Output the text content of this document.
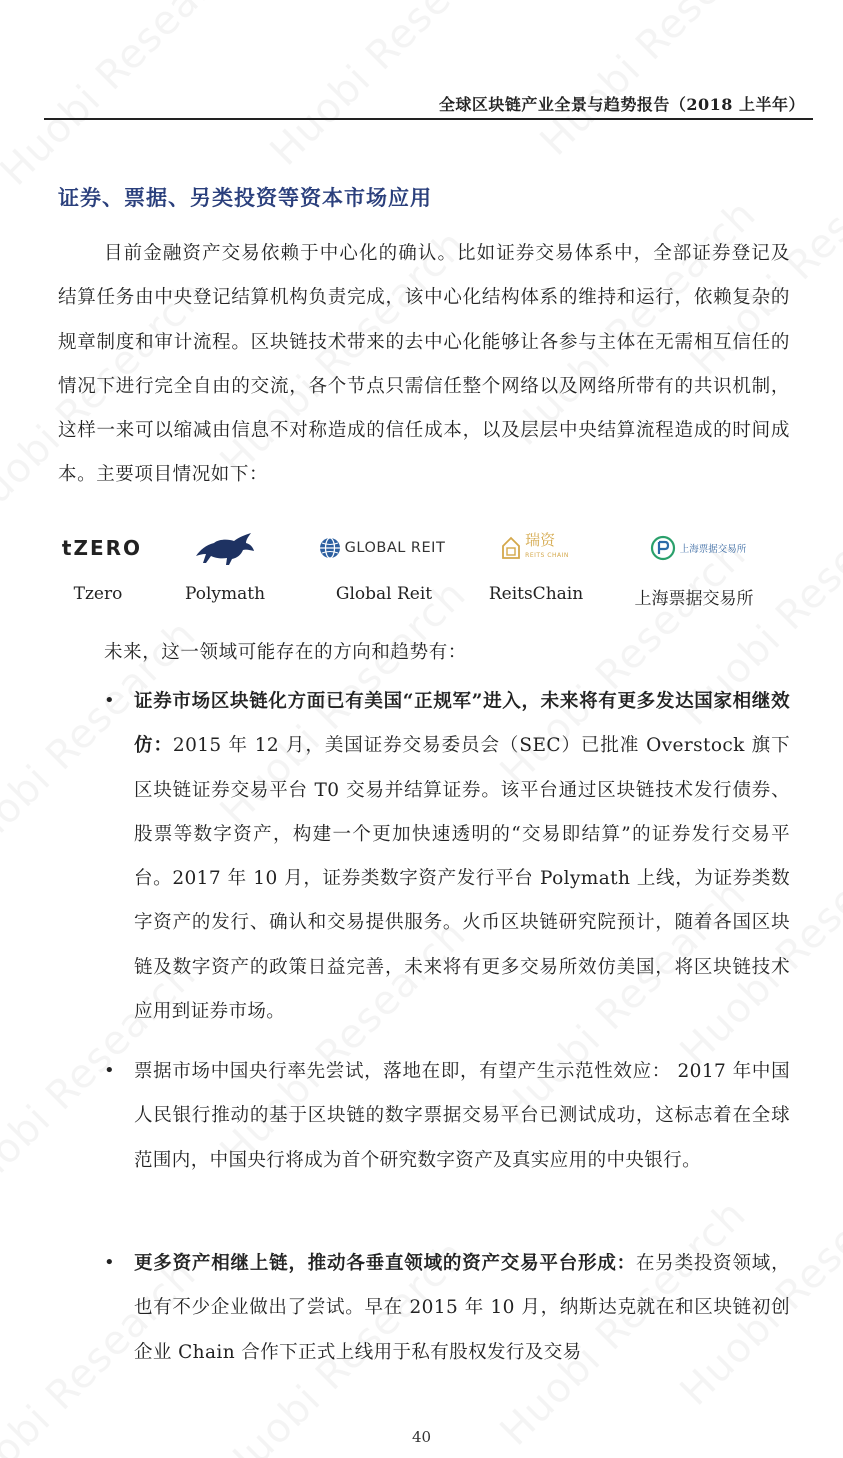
全球区块链产业全景与趋势报告（2018 上半年）
证券、票据、另类投资等资本市场应用
目前金融资产交易依赖于中心化的确认。比如证券交易体系中，全部证券登记及结算任务由中央登记结算机构负责完成，该中心化结构体系的维持和运行，依赖复杂的规章制度和审计流程。区块链技术带来的去中心化能够让各参与主体在无需相互信任的情况下进行完全自由的交流，各个节点只需信任整个网络以及网络所带有的共识机制，这样一来可以缩减由信息不对称造成的信任成本，以及层层中央结算流程造成的时间成本。主要项目情况如下：
tZERO
Tzero	Polymath
GLOBAL REIT
Global Reit
瑞资
REITS CHAIN
ReitsChain
上海票据交易所
上海票据交易所
未来，这一领域可能存在的方向和趋势有：
• 证券市场区块链化方面已有美国“正规军”进入，未来将有更多发达国家相继效仿：2015 年 12 月，美国证券交易委员会（SEC）已批准 Overstock 旗下区块链证券交易平台 T0 交易并结算证券。该平台通过区块链技术发行债券、股票等数字资产，构建一个更加快速透明的“交易即结算”的证券发行交易平台。2017 年 10 月，证券类数字资产发行平台 Polymath 上线，为证券类数字资产的发行、确认和交易提供服务。火币区块链研究院预计，随着各国区块链及数字资产的政策日益完善，未来将有更多交易所效仿美国，将区块链技术应用到证券市场。
• 票据市场中国央行率先尝试，落地在即，有望产生示范性效应： 2017 年中国人民银行推动的基于区块链的数字票据交易平台已测试成功，这标志着在全球范围内，中国央行将成为首个研究数字资产及真实应用的中央银行。
• 更多资产相继上链，推动各垂直领域的资产交易平台形成：在另类投资领域，也有不少企业做出了尝试。早在 2015 年 10 月，纳斯达克就在和区块链初创企业 Chain 合作下正式上线用于私有股权发行及交易
40
